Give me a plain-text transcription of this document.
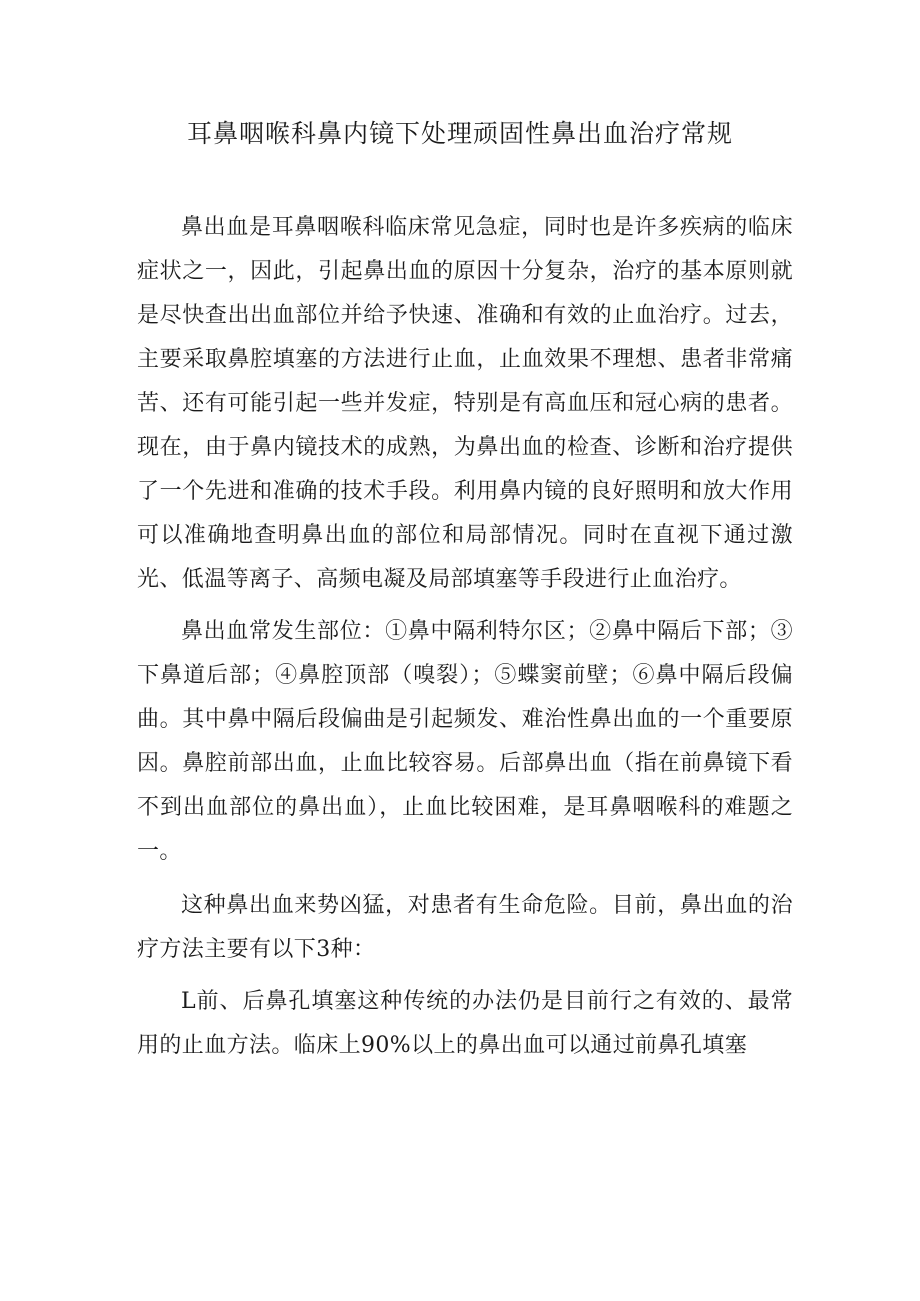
耳鼻咽喉科鼻内镜下处理顽固性鼻出血治疗常规

鼻出血是耳鼻咽喉科临床常见急症，同时也是许多疾病的临床症状之一，因此，引起鼻出血的原因十分复杂，治疗的基本原则就是尽快查出出血部位并给予快速、准确和有效的止血治疗。过去，主要采取鼻腔填塞的方法进行止血，止血效果不理想、患者非常痛苦、还有可能引起一些并发症，特别是有高血压和冠心病的患者。现在，由于鼻内镜技术的成熟，为鼻出血的检查、诊断和治疗提供了一个先进和准确的技术手段。利用鼻内镜的良好照明和放大作用可以准确地查明鼻出血的部位和局部情况。同时在直视下通过激光、低温等离子、高频电凝及局部填塞等手段进行止血治疗。

鼻出血常发生部位：①鼻中隔利特尔区；②鼻中隔后下部；③下鼻道后部；④鼻腔顶部（嗅裂）；⑤蝶窦前壁；⑥鼻中隔后段偏曲。其中鼻中隔后段偏曲是引起频发、难治性鼻出血的一个重要原因。鼻腔前部出血，止血比较容易。后部鼻出血（指在前鼻镜下看不到出血部位的鼻出血），止血比较困难，是耳鼻咽喉科的难题之一。

这种鼻出血来势凶猛，对患者有生命危险。目前，鼻出血的治疗方法主要有以下3种：

L前、后鼻孔填塞这种传统的办法仍是目前行之有效的、最常用的止血方法。临床上90%以上的鼻出血可以通过前鼻孔填塞
